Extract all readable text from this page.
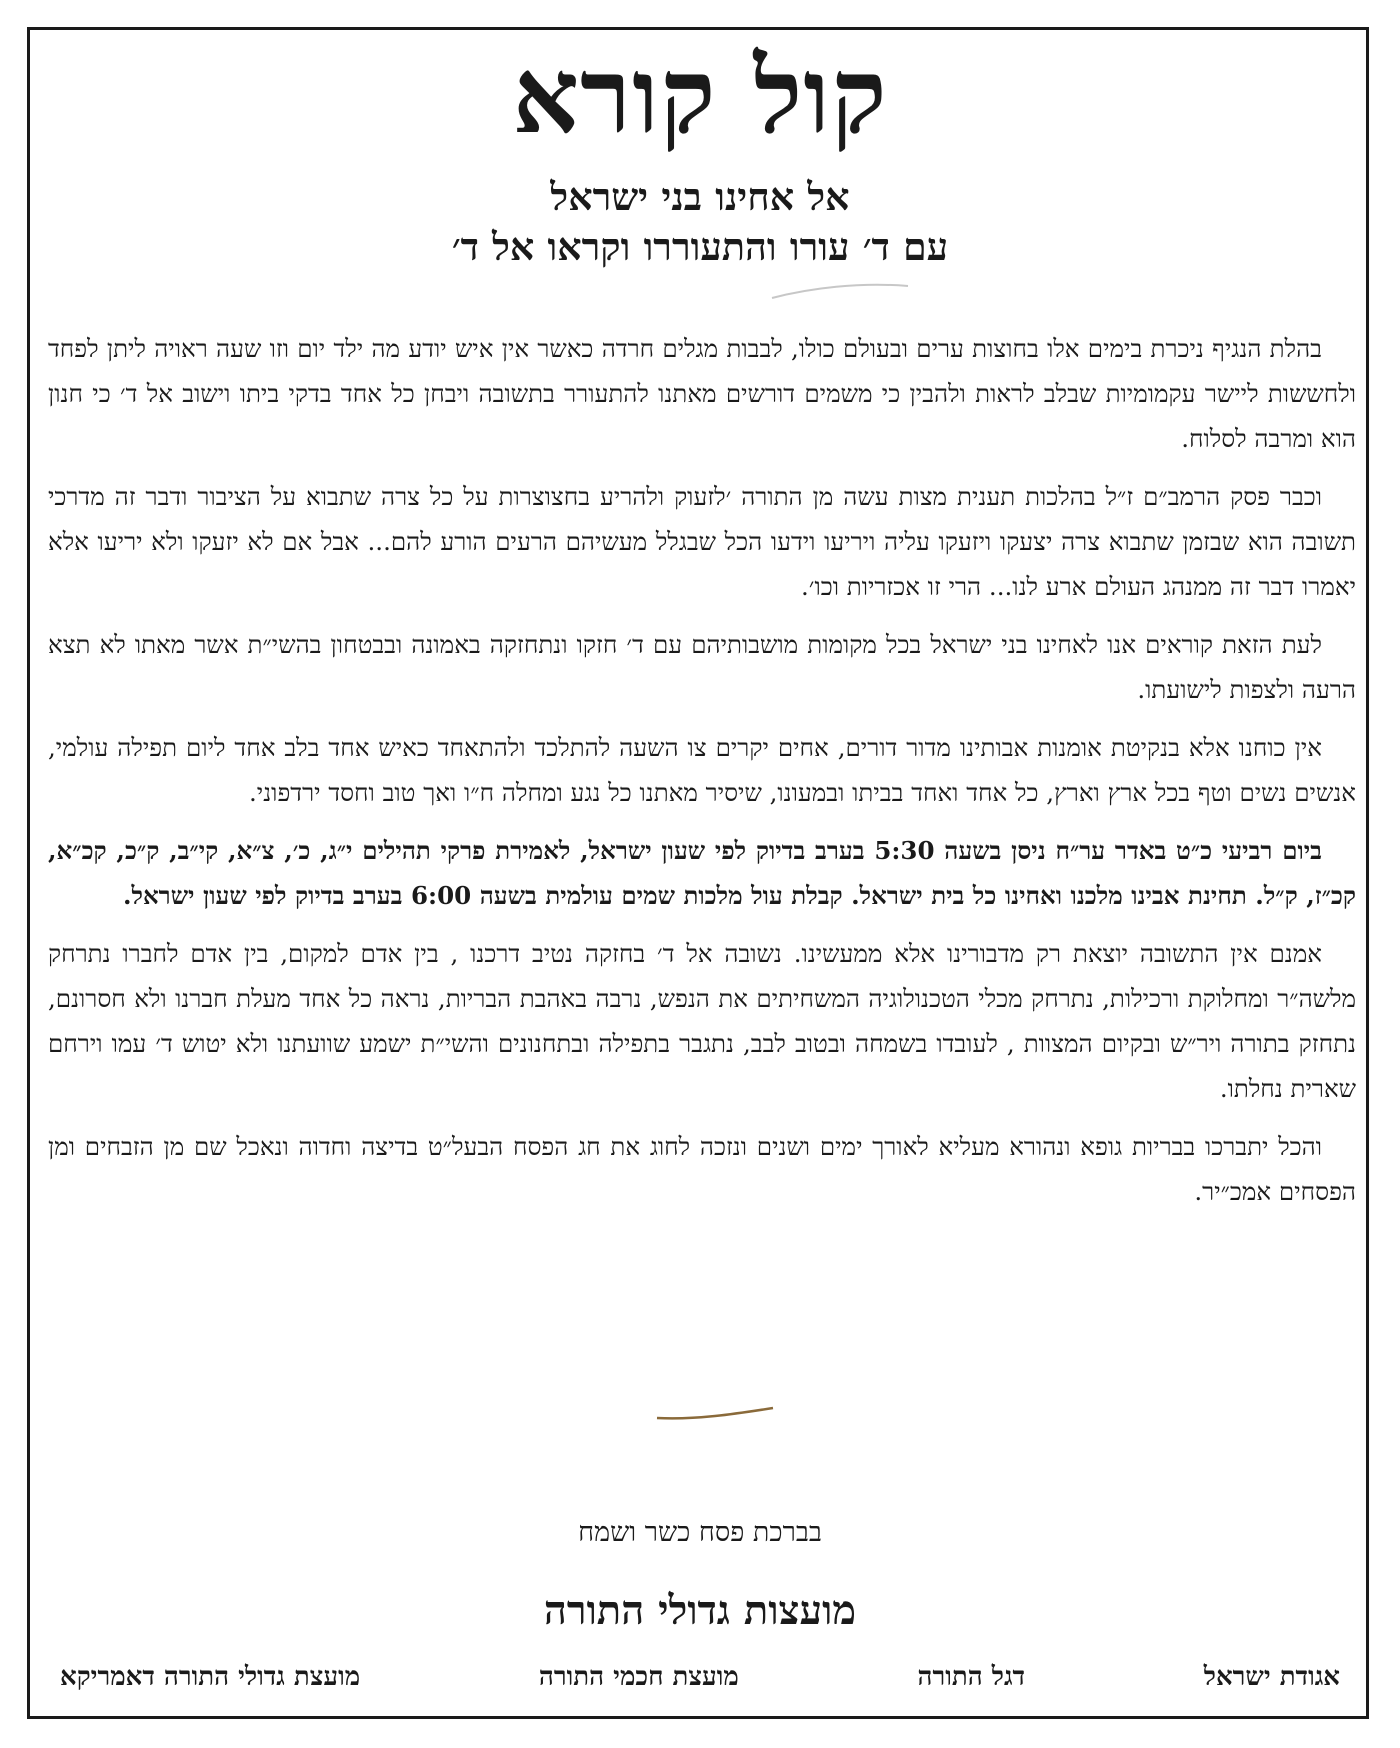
קול קורא
אל אחינו בני ישראל
עם ד׳ עורו והתעוררו וקראו אל ד׳

בהלת הנגיף ניכרת בימים אלו בחוצות ערים ובעולם כולו, לבבות מגלים חרדה כאשר אין איש יודע מה ילד יום וזו שעה ראויה ליתן לפחד ולחששות ליישר עקמומיות שבלב לראות ולהבין כי משמים דורשים מאתנו להתעורר בתשובה ויבחן כל אחד בדקי ביתו וישוב אל ד׳ כי חנון הוא ומרבה לסלוח.

וכבר פסק הרמב״ם ז״ל בהלכות תענית מצות עשה מן התורה ׳לזעוק ולהריע בחצוצרות על כל צרה שתבוא על הציבור ודבר זה מדרכי תשובה הוא שבזמן שתבוא צרה יצעקו ויזעקו עליה ויריעו וידעו הכל שבגלל מעשיהם הרעים הורע להם... אבל אם לא יזעקו ולא יריעו אלא יאמרו דבר זה ממנהג העולם ארע לנו... הרי זו אכזריות וכו׳.

לעת הזאת קוראים אנו לאחינו בני ישראל בכל מקומות מושבותיהם עם ד׳ חזקו ונתחזקה באמונה ובבטחון בהשי״ת אשר מאתו לא תצא הרעה ולצפות לישועתו.

אין כוחנו אלא בנקיטת אומנות אבותינו מדור דורים, אחים יקרים צו השעה להתלכד ולהתאחד כאיש אחד בלב אחד ליום תפילה עולמי, אנשים נשים וטף בכל ארץ וארץ, כל אחד ואחד בביתו ובמעונו, שיסיר מאתנו כל נגע ומחלה ח״ו ואך טוב וחסד ירדפוני.

ביום רביעי כ״ט באדר ער״ח ניסן בשעה 5:30 בערב בדיוק לפי שעון ישראל, לאמירת פרקי תהילים י״ג, כ׳, צ״א, קי״ב, ק״כ, קכ״א, קכ״ז, ק״ל. תחינת אבינו מלכנו ואחינו כל בית ישראל. קבלת עול מלכות שמים עולמית בשעה 6:00 בערב בדיוק לפי שעון ישראל.

אמנם אין התשובה יוצאת רק מדבורינו אלא ממעשינו. נשובה אל ד׳ בחזקה נטיב דרכנו , בין אדם למקום, בין אדם לחברו נתרחק מלשה״ר ומחלוקת ורכילות, נתרחק מכלי הטכנולוגיה המשחיתים את הנפש, נרבה באהבת הבריות, נראה כל אחד מעלת חברנו ולא חסרונם, נתחזק בתורה ויר״ש ובקיום המצוות , לעובדו בשמחה ובטוב לבב, נתגבר בתפילה ובתחנונים והשי״ת ישמע שוועתנו ולא יטוש ד׳ עמו וירחם שארית נחלתו.

והכל יתברכו בבריות גופא ונהורא מעליא לאורך ימים ושנים ונזכה לחוג את חג הפסח הבעל״ט בדיצה וחדוה ונאכל שם מן הזבחים ומן הפסחים אמכ״יר.

בברכת פסח כשר ושמח
מועצות גדולי התורה
אגודת ישראל
דגל התורה
מועצת חכמי התורה
מועצת גדולי התורה דאמריקא
